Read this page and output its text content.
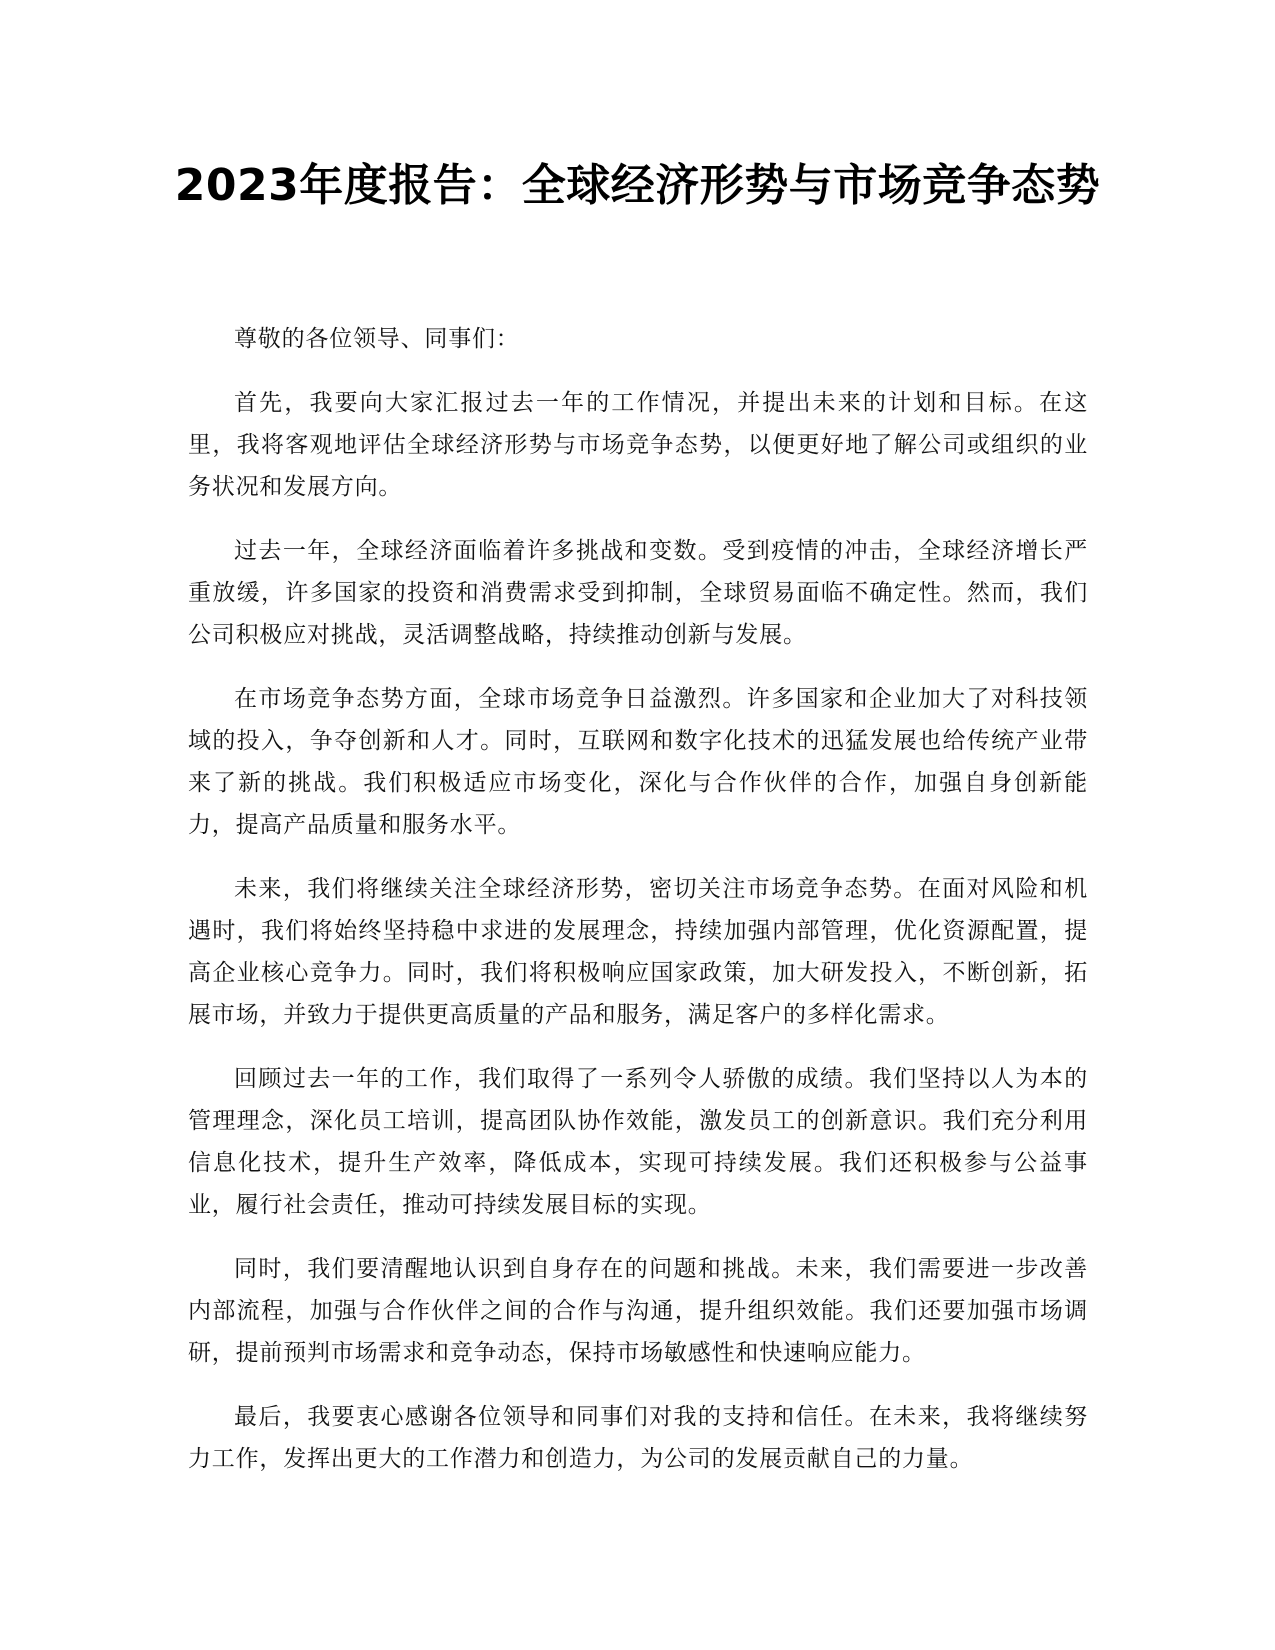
2023年度报告：全球经济形势与市场竞争态势

尊敬的各位领导、同事们：

首先，我要向大家汇报过去一年的工作情况，并提出未来的计划和目标。在这里，我将客观地评估全球经济形势与市场竞争态势，以便更好地了解公司或组织的业务状况和发展方向。

过去一年，全球经济面临着许多挑战和变数。受到疫情的冲击，全球经济增长严重放缓，许多国家的投资和消费需求受到抑制，全球贸易面临不确定性。然而，我们公司积极应对挑战，灵活调整战略，持续推动创新与发展。

在市场竞争态势方面，全球市场竞争日益激烈。许多国家和企业加大了对科技领域的投入，争夺创新和人才。同时，互联网和数字化技术的迅猛发展也给传统产业带来了新的挑战。我们积极适应市场变化，深化与合作伙伴的合作，加强自身创新能力，提高产品质量和服务水平。

未来，我们将继续关注全球经济形势，密切关注市场竞争态势。在面对风险和机遇时，我们将始终坚持稳中求进的发展理念，持续加强内部管理，优化资源配置，提高企业核心竞争力。同时，我们将积极响应国家政策，加大研发投入，不断创新，拓展市场，并致力于提供更高质量的产品和服务，满足客户的多样化需求。

回顾过去一年的工作，我们取得了一系列令人骄傲的成绩。我们坚持以人为本的管理理念，深化员工培训，提高团队协作效能，激发员工的创新意识。我们充分利用信息化技术，提升生产效率，降低成本，实现可持续发展。我们还积极参与公益事业，履行社会责任，推动可持续发展目标的实现。

同时，我们要清醒地认识到自身存在的问题和挑战。未来，我们需要进一步改善内部流程，加强与合作伙伴之间的合作与沟通，提升组织效能。我们还要加强市场调研，提前预判市场需求和竞争动态，保持市场敏感性和快速响应能力。

最后，我要衷心感谢各位领导和同事们对我的支持和信任。在未来，我将继续努力工作，发挥出更大的工作潜力和创造力，为公司的发展贡献自己的力量。
